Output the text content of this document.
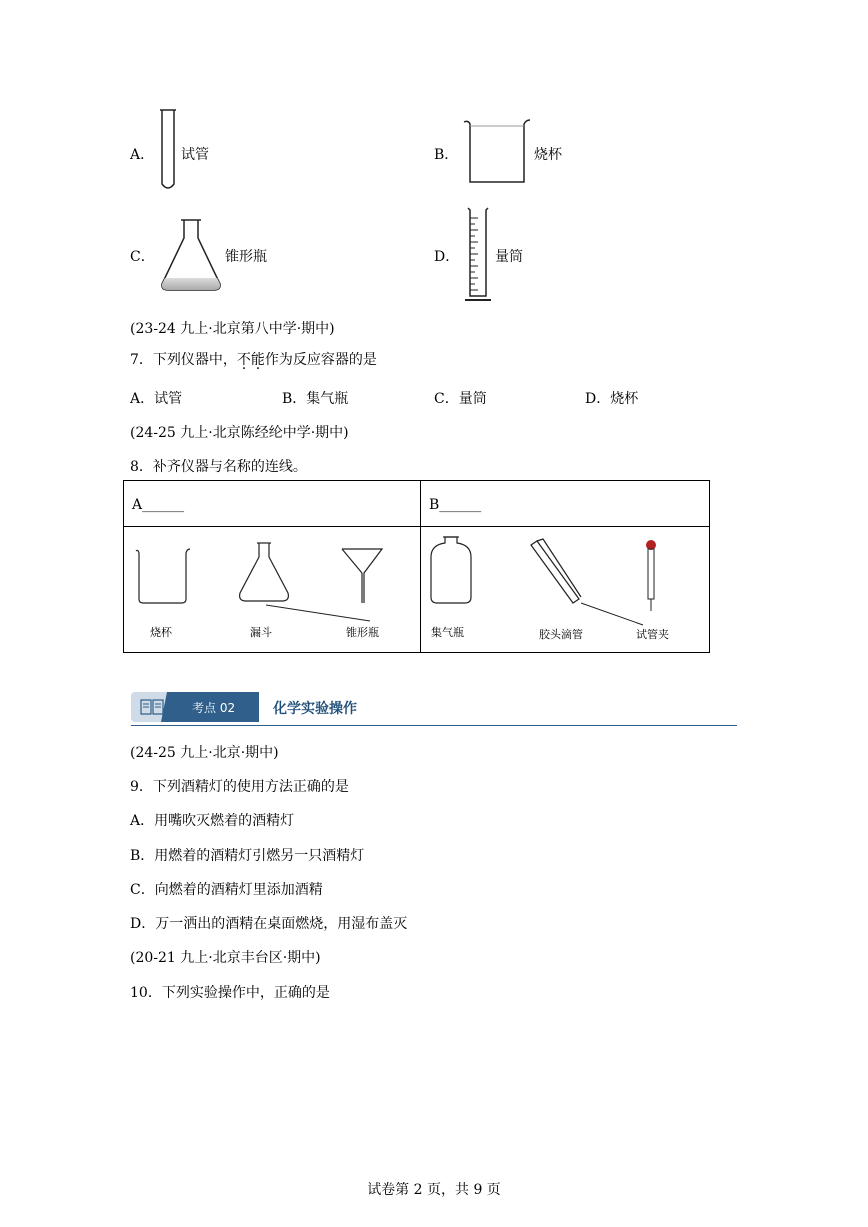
A． 试管	B．	烧杯
C．	锥形瓶	D．	量筒
(23-24 九上·北京第八中学·期中)
7．下列仪器中，不能作为反应容器的是
A．试管	B．集气瓶	C．量筒	D．烧杯
(24-25 九上·北京陈经纶中学·期中)
8．补齐仪器与名称的连线。
A______	B______

烧杯 漏斗 锥形瓶	集气瓶 胶头滴管 试管夹
考点 02	化学实验操作
(24-25 九上·北京·期中)
9．下列酒精灯的使用方法正确的是
A．用嘴吹灭燃着的酒精灯
B．用燃着的酒精灯引燃另一只酒精灯
C．向燃着的酒精灯里添加酒精
D．万一洒出的酒精在桌面燃烧，用湿布盖灭
(20-21 九上·北京丰台区·期中)
10．下列实验操作中，正确的是
试卷第 2 页，共 9 页
